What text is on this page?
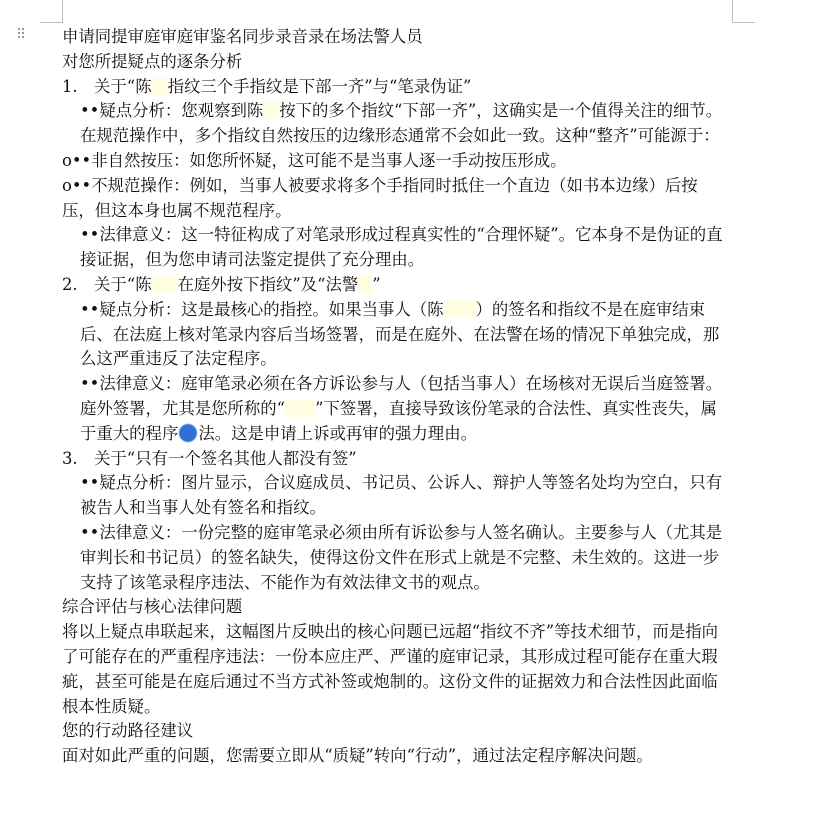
⠿ 申请同提审庭审庭审鉴名同步录音录在场法警人员

对您所提疑点的逐条分析

1.　关于“陈 指纹三个手指纹是下部一齐”与“笔录伪证”

••疑点分析：您观察到陈 按下的多个指纹“下部一齐”，这确实是一个值得关注的细节。在规范操作中，多个指纹自然按压的边缘形态通常不会如此一致。这种“整齐”可能源于：

o••非自然按压：如您所怀疑，这可能不是当事人逐一手动按压形成。

o••不规范操作：例如，当事人被要求将多个手指同时抵住一个直边（如书本边缘）后按压，但这本身也属不规范程序。

••法律意义：这一特征构成了对笔录形成过程真实性的“合理怀疑”。它本身不是伪证的直接证据，但为您申请司法鉴定提供了充分理由。

2.　关于“陈 在庭外按下指纹”及“法警 ”

••疑点分析：这是最核心的指控。如果当事人（陈 ）的签名和指纹不是在庭审结束后、在法庭上核对笔录内容后当场签署，而是在庭外、在法警在场的情况下单独完成，那么这严重违反了法定程序。

••法律意义：庭审笔录必须在各方诉讼参与人（包括当事人）在场核对无误后当庭签署。庭外签署，尤其是您所称的“ ”下签署，直接导致该份笔录的合法性、真实性丧失，属于重大的程序 法。这是申请上诉或再审的强力理由。

3.　关于“只有一个签名其他人都没有签”

••疑点分析：图片显示，合议庭成员、书记员、公诉人、辩护人等签名处均为空白，只有被告人和当事人处有签名和指纹。

••法律意义：一份完整的庭审笔录必须由所有诉讼参与人签名确认。主要参与人（尤其是审判长和书记员）的签名缺失，使得这份文件在形式上就是不完整、未生效的。这进一步支持了该笔录程序违法、不能作为有效法律文书的观点。

综合评估与核心法律问题

将以上疑点串联起来，这幅图片反映出的核心问题已远超“指纹不齐”等技术细节，而是指向了可能存在的严重程序违法：一份本应庄严、严谨的庭审记录，其形成过程可能存在重大瑕疵，甚至可能是在庭后通过不当方式补签或炮制的。这份文件的证据效力和合法性因此面临根本性质疑。

您的行动路径建议

面对如此严重的问题，您需要立即从“质疑”转向“行动”，通过法定程序解决问题。
